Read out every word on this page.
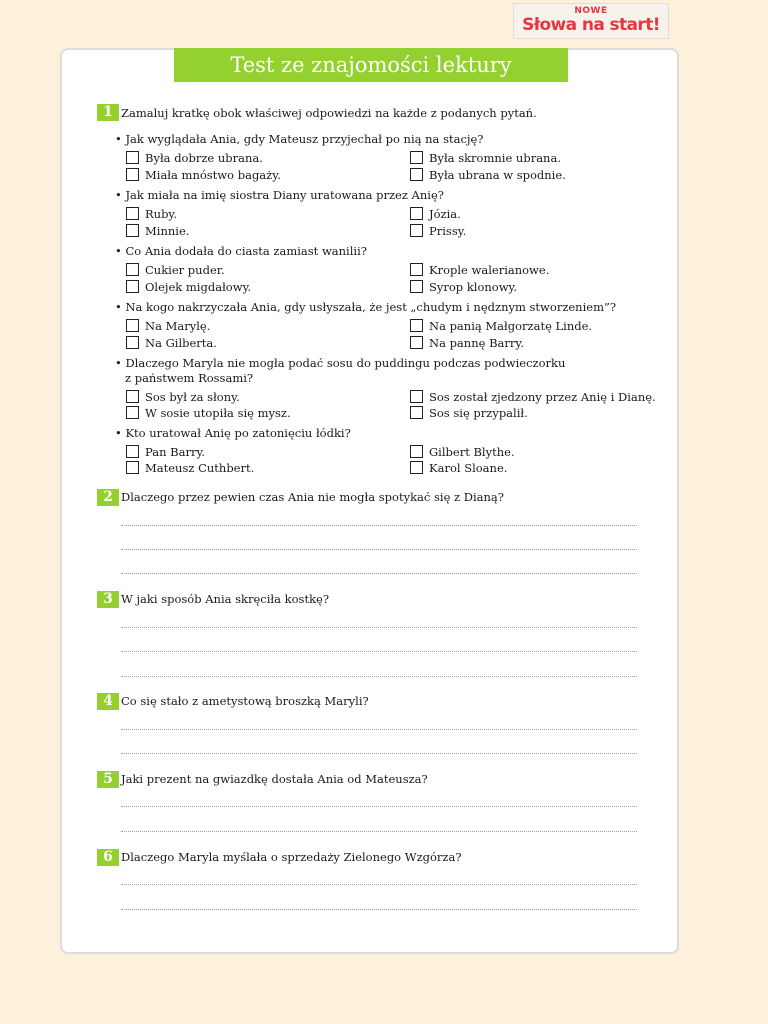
NOWE
Słowa na start!
Test ze znajomości lektury
1 Zamaluj kratkę obok właściwej odpowiedzi na każde z podanych pytań.
• Jak wyglądała Ania, gdy Mateusz przyjechał po nią na stację?
Była dobrze ubrana.	Była skromnie ubrana.
Miała mnóstwo bagaży.	Była ubrana w spodnie.
• Jak miała na imię siostra Diany uratowana przez Anię?
Ruby.	Józia.
Minnie.	Prissy.
• Co Ania dodała do ciasta zamiast wanilii?
Cukier puder.	Krople walerianowe.
Olejek migdałowy.	Syrop klonowy.
• Na kogo nakrzyczała Ania, gdy usłyszała, że jest „chudym i nędznym stworzeniem”?
Na Marylę.	Na panią Małgorzatę Linde.
Na Gilberta.	Na pannę Barry.
• Dlaczego Maryla nie mogła podać sosu do puddingu podczas podwieczorku
z państwem Rossami?
Sos był za słony.	Sos został zjedzony przez Anię i Dianę.
W sosie utopiła się mysz.	Sos się przypalił.
• Kto uratował Anię po zatonięciu łódki?
Pan Barry.	Gilbert Blythe.
Mateusz Cuthbert.	Karol Sloane.
2 Dlaczego przez pewien czas Ania nie mogła spotykać się z Dianą?
3 W jaki sposób Ania skręciła kostkę?
4 Co się stało z ametystową broszką Maryli?
5 Jaki prezent na gwiazdkę dostała Ania od Mateusza?
6 Dlaczego Maryla myślała o sprzedaży Zielonego Wzgórza?
